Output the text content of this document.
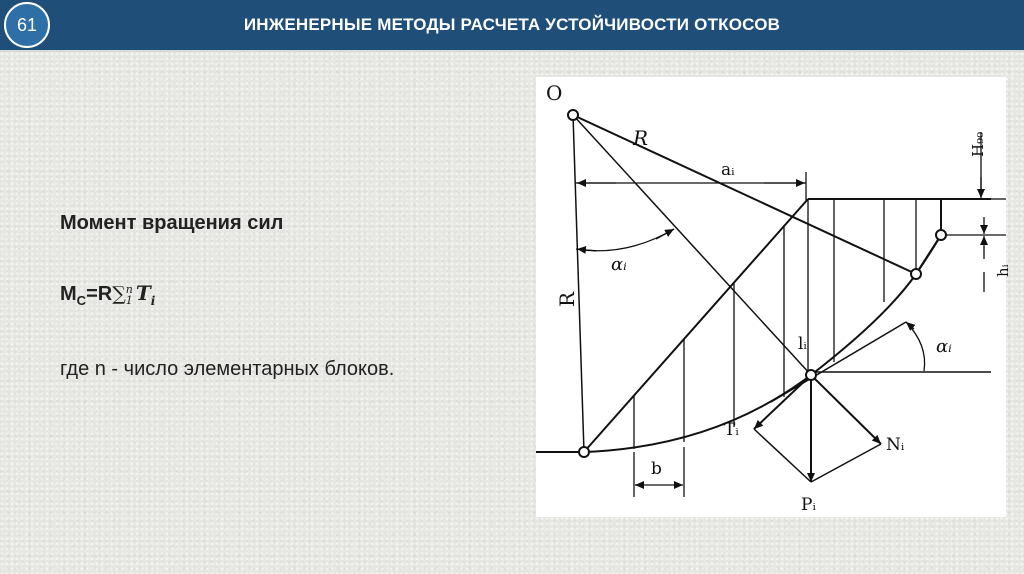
ИНЖЕНЕРНЫЕ МЕТОДЫ РАСЧЕТА УСТОЙЧИВОСТИ ОТКОСОВ
61
Момент вращения сил
$M_C=R\sum n$
1 $T_i$
где n - число элементарных блоков.
O
R
R
aᵢ
αᵢ
αᵢ
H₉₀
hᵢ
lᵢ
Tᵢ
Nᵢ
Pᵢ
b
